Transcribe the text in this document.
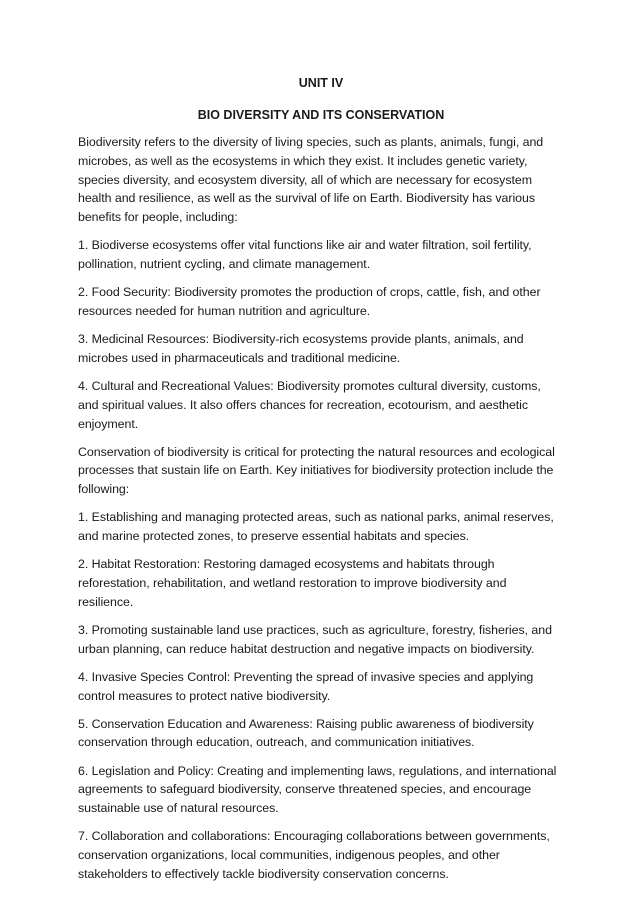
UNIT IV
BIO DIVERSITY AND ITS CONSERVATION

Biodiversity refers to the diversity of living species, such as plants, animals, fungi, and microbes, as well as the ecosystems in which they exist. It includes genetic variety, species diversity, and ecosystem diversity, all of which are necessary for ecosystem health and resilience, as well as the survival of life on Earth. Biodiversity has various benefits for people, including:

1. Biodiverse ecosystems offer vital functions like air and water filtration, soil fertility, pollination, nutrient cycling, and climate management.

2. Food Security: Biodiversity promotes the production of crops, cattle, fish, and other resources needed for human nutrition and agriculture.

3. Medicinal Resources: Biodiversity-rich ecosystems provide plants, animals, and microbes used in pharmaceuticals and traditional medicine.

4. Cultural and Recreational Values: Biodiversity promotes cultural diversity, customs, and spiritual values. It also offers chances for recreation, ecotourism, and aesthetic enjoyment.

Conservation of biodiversity is critical for protecting the natural resources and ecological processes that sustain life on Earth. Key initiatives for biodiversity protection include the following:

1. Establishing and managing protected areas, such as national parks, animal reserves, and marine protected zones, to preserve essential habitats and species.

2. Habitat Restoration: Restoring damaged ecosystems and habitats through reforestation, rehabilitation, and wetland restoration to improve biodiversity and resilience.

3. Promoting sustainable land use practices, such as agriculture, forestry, fisheries, and urban planning, can reduce habitat destruction and negative impacts on biodiversity.

4. Invasive Species Control: Preventing the spread of invasive species and applying control measures to protect native biodiversity.

5. Conservation Education and Awareness: Raising public awareness of biodiversity conservation through education, outreach, and communication initiatives.

6. Legislation and Policy: Creating and implementing laws, regulations, and international agreements to safeguard biodiversity, conserve threatened species, and encourage sustainable use of natural resources.

7. Collaboration and collaborations: Encouraging collaborations between governments, conservation organizations, local communities, indigenous peoples, and other stakeholders to effectively tackle biodiversity conservation concerns.
